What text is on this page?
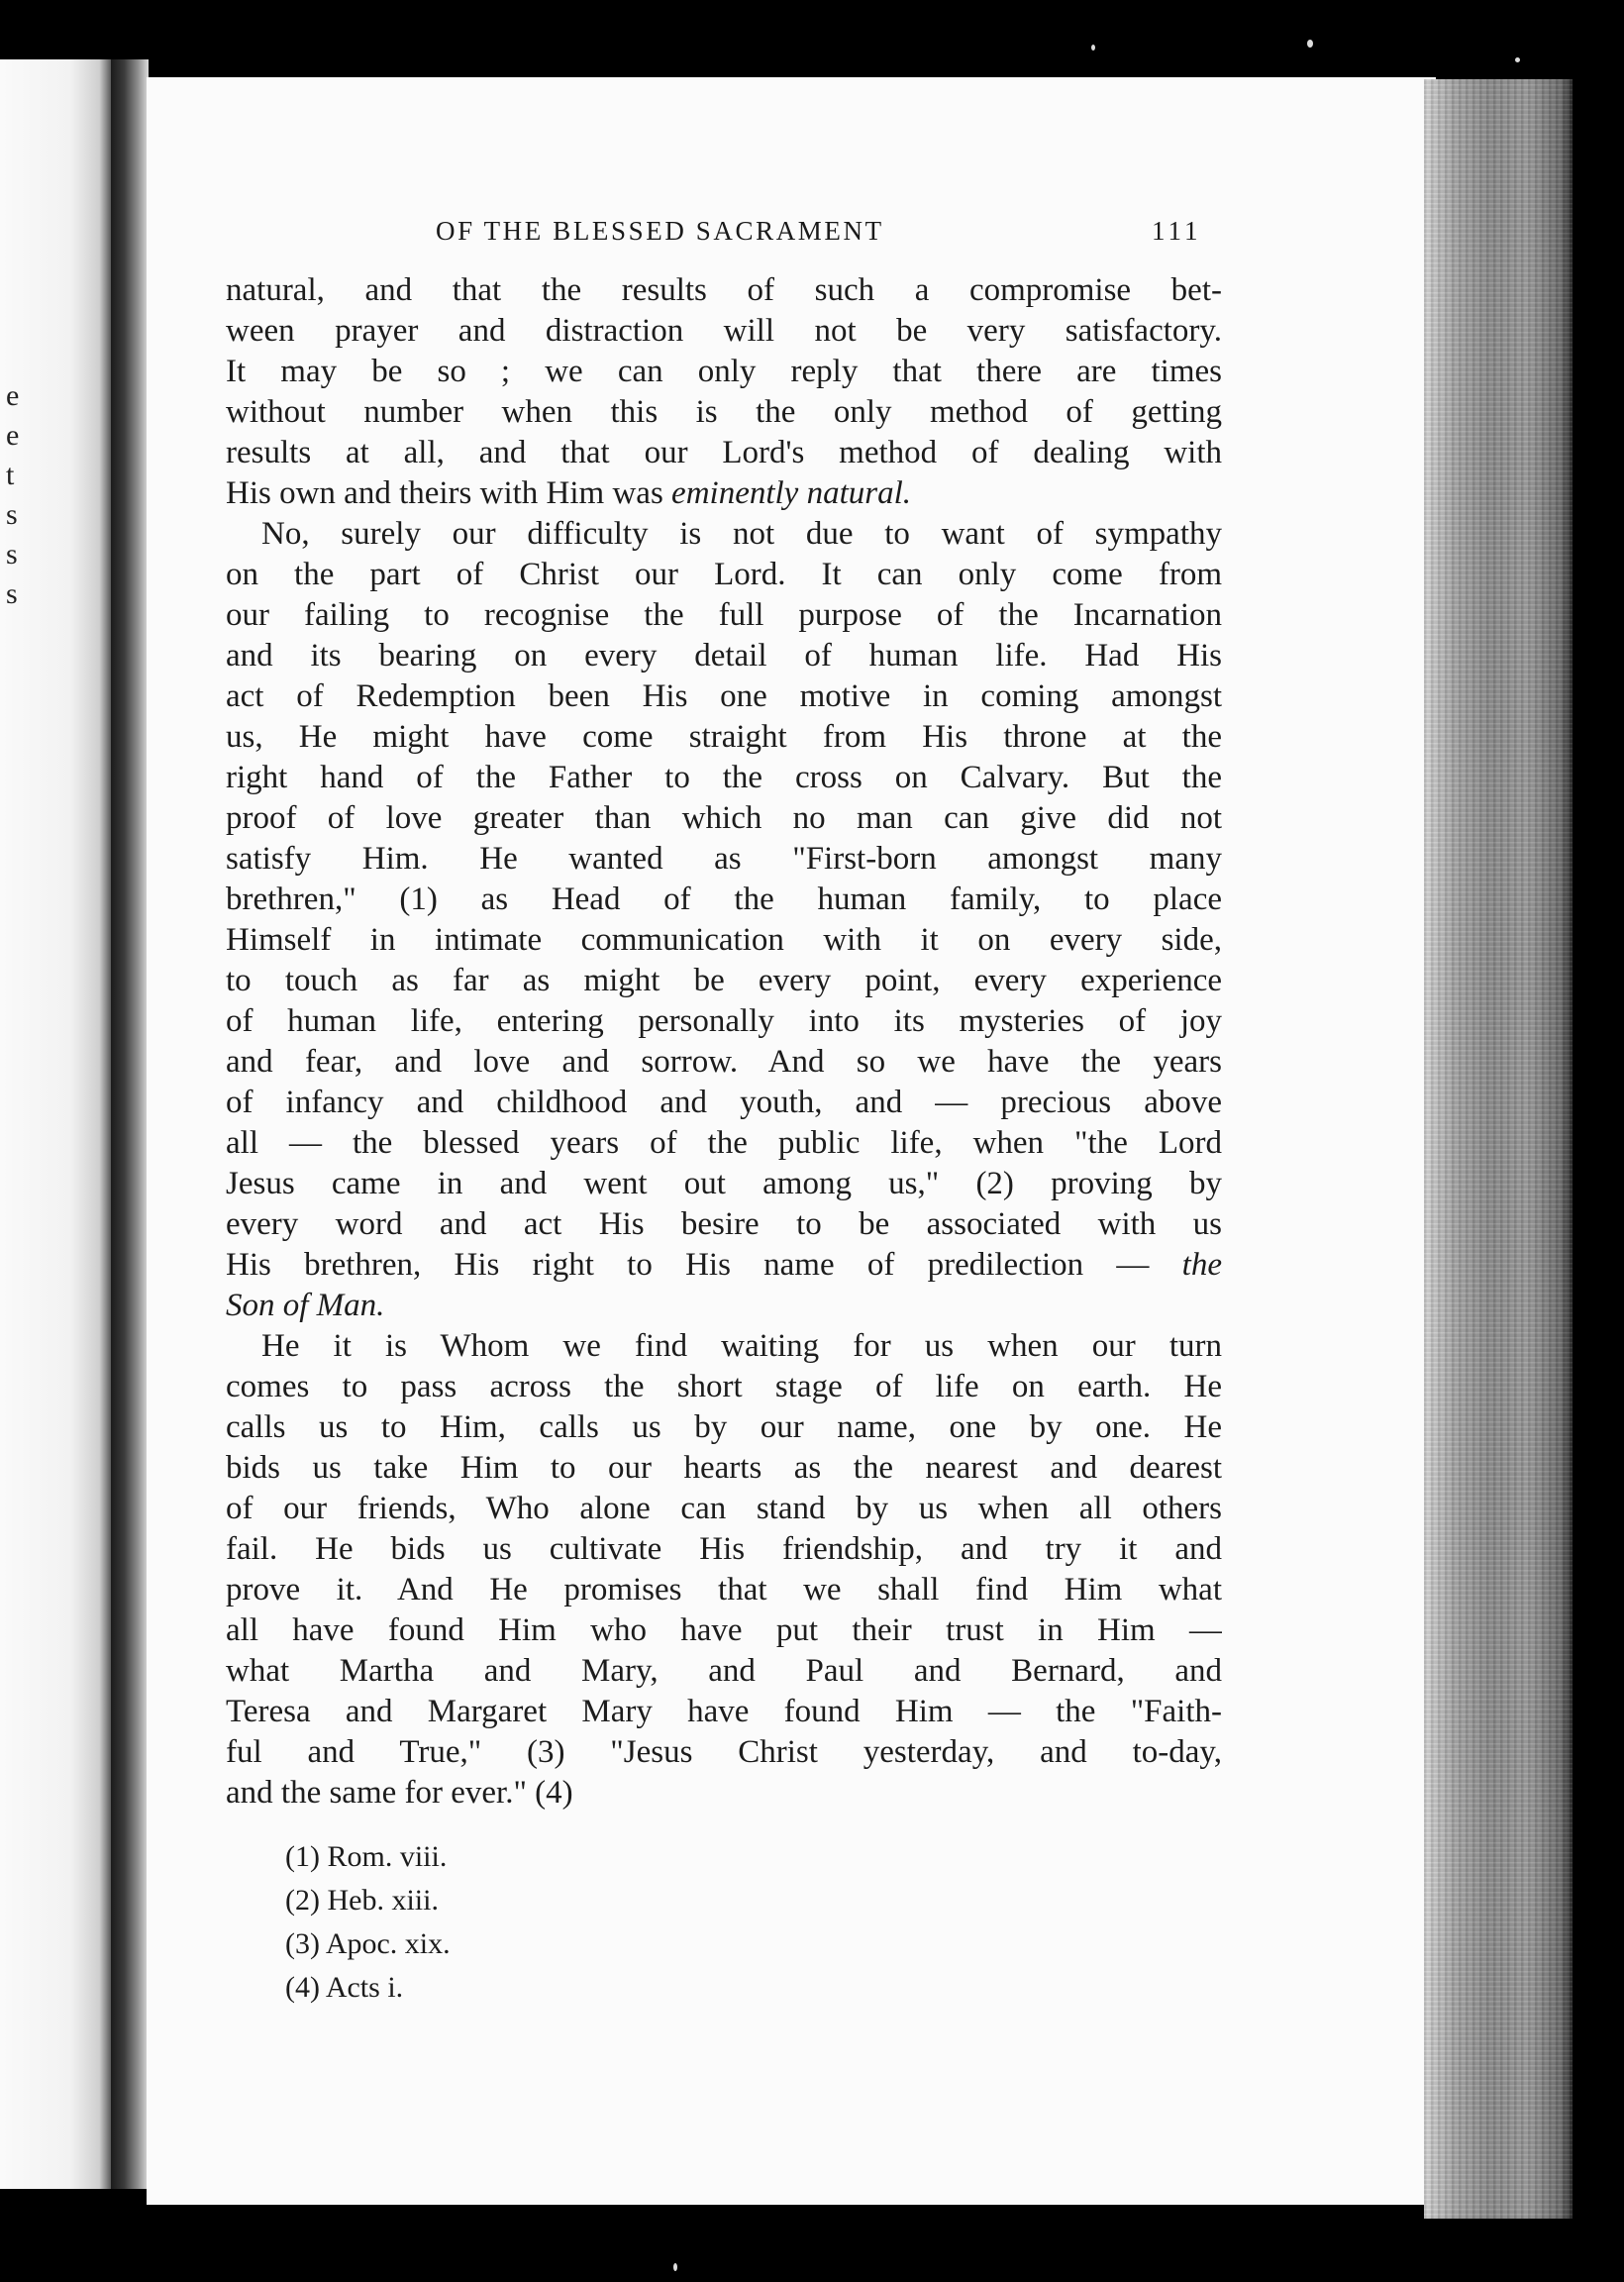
e
e
t
s
s
s
OF THE BLESSED SACRAMENT	111
natural, and that the results of such a compromise bet-
ween prayer and distraction will not be very satisfactory.
It may be so ; we can only reply that there are times
without number when this is the only method of getting
results at all, and that our Lord's method of dealing with
His own and theirs with Him was eminently natural.
No, surely our difficulty is not due to want of sympathy
on the part of Christ our Lord. It can only come from
our failing to recognise the full purpose of the Incarnation
and its bearing on every detail of human life. Had His
act of Redemption been His one motive in coming amongst
us, He might have come straight from His throne at the
right hand of the Father to the cross on Calvary. But the
proof of love greater than which no man can give did not
satisfy Him. He wanted as "First-born amongst many
brethren," (1) as Head of the human family, to place
Himself in intimate communication with it on every side,
to touch as far as might be every point, every experience
of human life, entering personally into its mysteries of joy
and fear, and love and sorrow. And so we have the years
of infancy and childhood and youth, and — precious above
all — the blessed years of the public life, when "the Lord
Jesus came in and went out among us," (2) proving by
every word and act His besire to be associated with us
His brethren, His right to His name of predilection — the
Son of Man.
He it is Whom we find waiting for us when our turn
comes to pass across the short stage of life on earth. He
calls us to Him, calls us by our name, one by one. He
bids us take Him to our hearts as the nearest and dearest
of our friends, Who alone can stand by us when all others
fail. He bids us cultivate His friendship, and try it and
prove it. And He promises that we shall find Him what
all have found Him who have put their trust in Him —
what Martha and Mary, and Paul and Bernard, and
Teresa and Margaret Mary have found Him — the "Faith-
ful and True," (3) "Jesus Christ yesterday, and to-day,
and the same for ever." (4)
(1) Rom. viii.
(2) Heb. xiii.
(3) Apoc. xix.
(4) Acts i.
